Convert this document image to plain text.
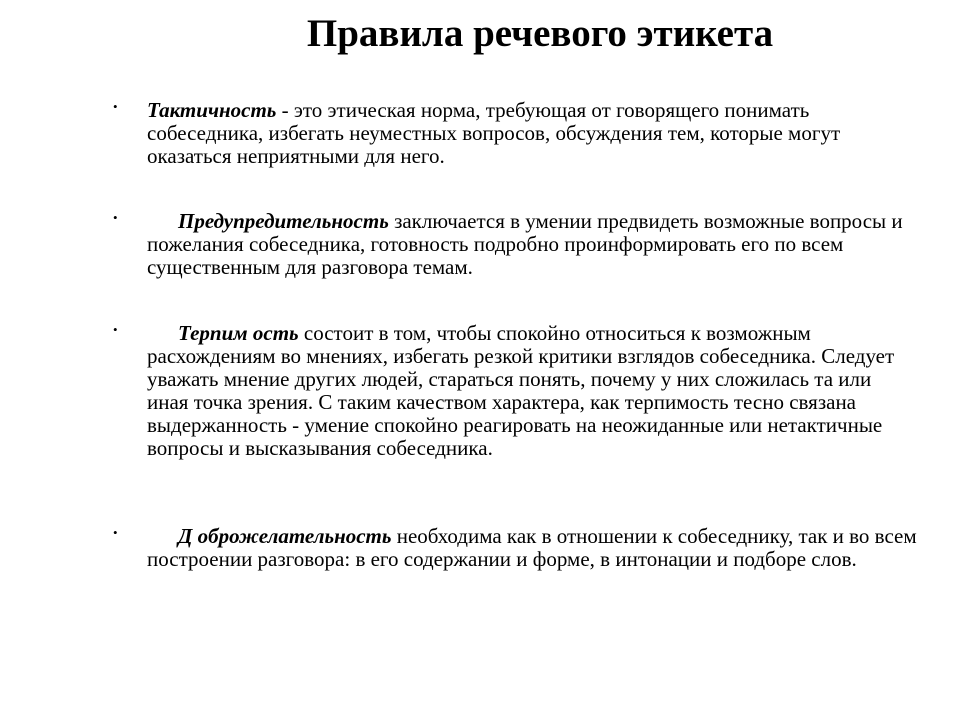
Правила речевого этикета
• Тактичность - это этическая норма, требующая от говорящего понимать собеседника, избегать неуместных вопросов, обсуждения тем, которые могут оказаться неприятными для него.
•	Предупредительность заключается в умении предвидеть возможные вопросы и пожелания собеседника, готовность подробно проинформировать его по всем существенным для разговора темам.
•	Терпим ость состоит в том, чтобы спокойно относиться к возможным расхождениям во мнениях, избегать резкой критики взглядов собеседника. Следует уважать мнение других людей, стараться понять, почему у них сложилась та или иная точка зрения. С таким качеством характера, как терпимость тесно связана выдержанность - умение спокойно реагировать на неожиданные или нетактичные вопросы и высказывания собеседника.
•	Д оброжелательность необходима как в отношении к собеседнику, так и во всем построении разговора: в его содержании и форме, в интонации и подборе слов.
